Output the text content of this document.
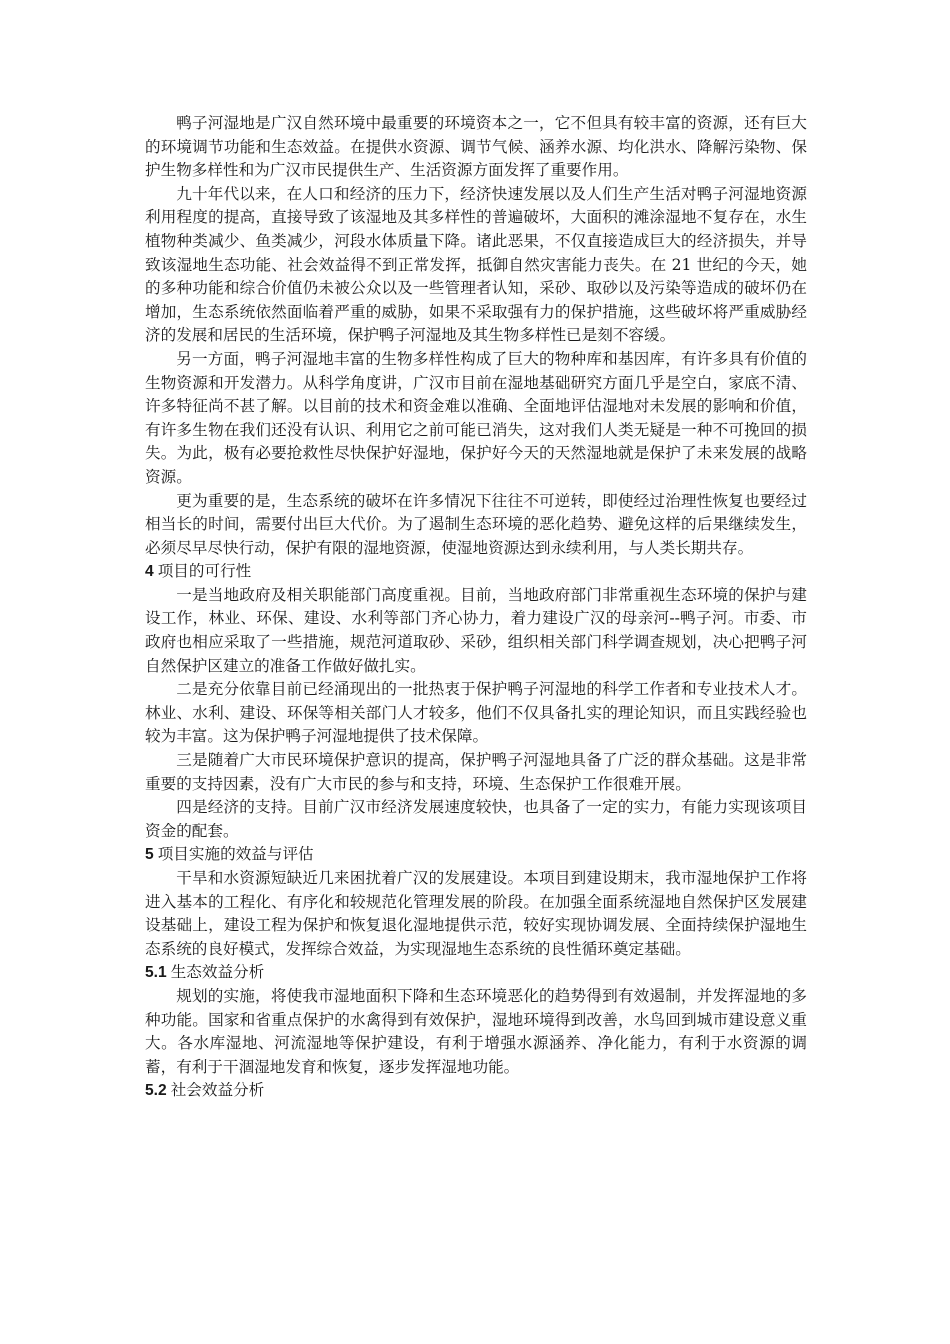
鸭子河湿地是广汉自然环境中最重要的环境资本之一，它不但具有较丰富的资源，还有巨大的环境调节功能和生态效益。在提供水资源、调节气候、涵养水源、均化洪水、降解污染物、保护生物多样性和为广汉市民提供生产、生活资源方面发挥了重要作用。

九十年代以来，在人口和经济的压力下，经济快速发展以及人们生产生活对鸭子河湿地资源利用程度的提高，直接导致了该湿地及其多样性的普遍破坏，大面积的滩涂湿地不复存在，水生植物种类减少、鱼类减少，河段水体质量下降。诸此恶果，不仅直接造成巨大的经济损失，并导致该湿地生态功能、社会效益得不到正常发挥，抵御自然灾害能力丧失。在 21 世纪的今天，她的多种功能和综合价值仍未被公众以及一些管理者认知，采砂、取砂以及污染等造成的破坏仍在增加，生态系统依然面临着严重的威胁，如果不采取强有力的保护措施，这些破坏将严重威胁经济的发展和居民的生活环境，保护鸭子河湿地及其生物多样性已是刻不容缓。

另一方面，鸭子河湿地丰富的生物多样性构成了巨大的物种库和基因库，有许多具有价值的生物资源和开发潜力。从科学角度讲，广汉市目前在湿地基础研究方面几乎是空白，家底不清、许多特征尚不甚了解。以目前的技术和资金难以准确、全面地评估湿地对未发展的影响和价值，有许多生物在我们还没有认识、利用它之前可能已消失，这对我们人类无疑是一种不可挽回的损失。为此，极有必要抢救性尽快保护好湿地，保护好今天的天然湿地就是保护了未来发展的战略资源。

更为重要的是，生态系统的破坏在许多情况下往往不可逆转，即使经过治理性恢复也要经过相当长的时间，需要付出巨大代价。为了遏制生态环境的恶化趋势、避免这样的后果继续发生，必须尽早尽快行动，保护有限的湿地资源，使湿地资源达到永续利用，与人类长期共存。

4 项目的可行性

一是当地政府及相关职能部门高度重视。目前，当地政府部门非常重视生态环境的保护与建设工作，林业、环保、建设、水利等部门齐心协力，着力建设广汉的母亲河--鸭子河。市委、市政府也相应采取了一些措施，规范河道取砂、采砂，组织相关部门科学调查规划，决心把鸭子河自然保护区建立的准备工作做好做扎实。

二是充分依靠目前已经涌现出的一批热衷于保护鸭子河湿地的科学工作者和专业技术人才。林业、水利、建设、环保等相关部门人才较多，他们不仅具备扎实的理论知识，而且实践经验也较为丰富。这为保护鸭子河湿地提供了技术保障。

三是随着广大市民环境保护意识的提高，保护鸭子河湿地具备了广泛的群众基础。这是非常重要的支持因素，没有广大市民的参与和支持，环境、生态保护工作很难开展。

四是经济的支持。目前广汉市经济发展速度较快，也具备了一定的实力，有能力实现该项目资金的配套。

5 项目实施的效益与评估

干旱和水资源短缺近几来困扰着广汉的发展建设。本项目到建设期末，我市湿地保护工作将进入基本的工程化、有序化和较规范化管理发展的阶段。在加强全面系统湿地自然保护区发展建设基础上，建设工程为保护和恢复退化湿地提供示范，较好实现协调发展、全面持续保护湿地生态系统的良好模式，发挥综合效益，为实现湿地生态系统的良性循环奠定基础。

5.1 生态效益分析

规划的实施，将使我市湿地面积下降和生态环境恶化的趋势得到有效遏制，并发挥湿地的多种功能。国家和省重点保护的水禽得到有效保护，湿地环境得到改善，水鸟回到城市建设意义重大。各水库湿地、河流湿地等保护建设，有利于增强水源涵养、净化能力，有利于水资源的调蓄，有利于干涸湿地发育和恢复，逐步发挥湿地功能。

5.2 社会效益分析
